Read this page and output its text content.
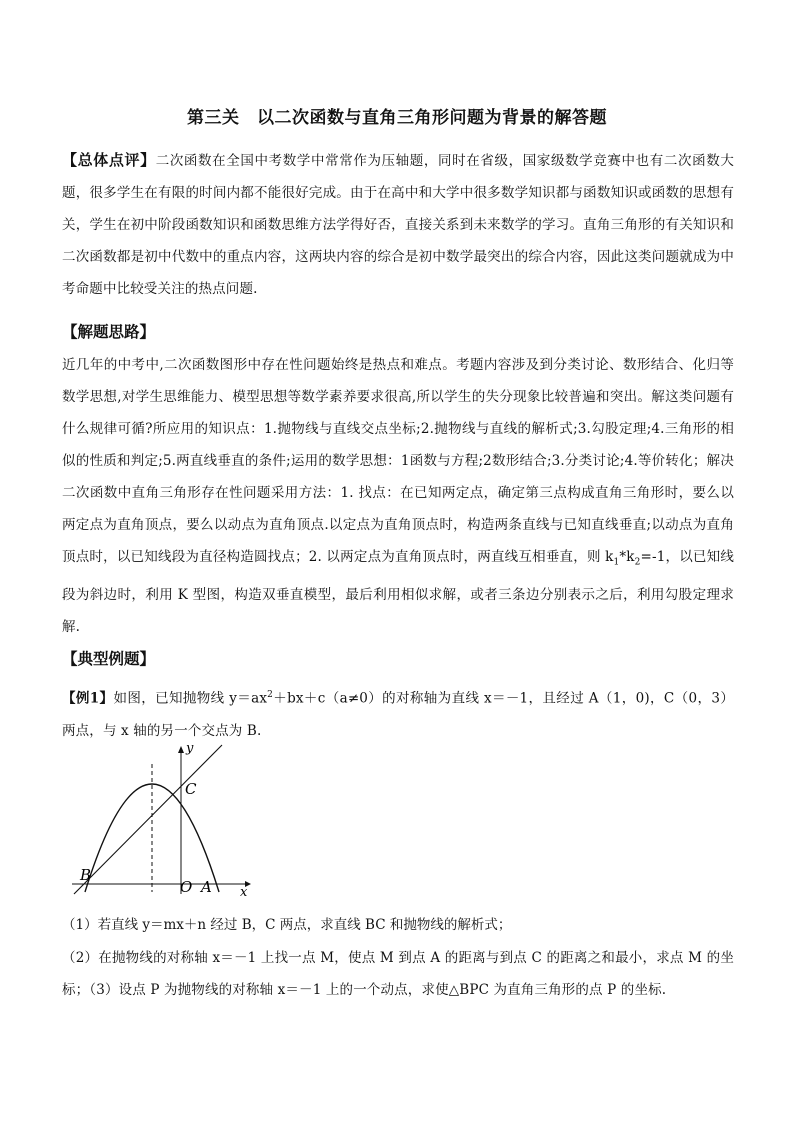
第三关　以二次函数与直角三角形问题为背景的解答题
【总体点评】二次函数在全国中考数学中常常作为压轴题，同时在省级，国家级数学竞赛中也有二次函数大题，很多学生在有限的时间内都不能很好完成。由于在高中和大学中很多数学知识都与函数知识或函数的思想有关，学生在初中阶段函数知识和函数思维方法学得好否，直接关系到未来数学的学习。直角三角形的有关知识和二次函数都是初中代数中的重点内容，这两块内容的综合是初中数学最突出的综合内容，因此这类问题就成为中考命题中比较受关注的热点问题.
【解题思路】
近几年的中考中,二次函数图形中存在性问题始终是热点和难点。考题内容涉及到分类讨论、数形结合、化归等数学思想,对学生思维能力、模型思想等数学素养要求很高,所以学生的失分现象比较普遍和突出。解这类问题有什么规律可循?所应用的知识点：1.抛物线与直线交点坐标;2.抛物线与直线的解析式;3.勾股定理;4.三角形的相似的性质和判定;5.两直线垂直的条件;运用的数学思想：1函数与方程;2数形结合;3.分类讨论;4.等价转化；解决二次函数中直角三角形存在性问题采用方法：1. 找点：在已知两定点，确定第三点构成直角三角形时，要么以两定点为直角顶点，要么以动点为直角顶点.以定点为直角顶点时，构造两条直线与已知直线垂直;以动点为直角顶点时，以已知线段为直径构造圆找点；2. 以两定点为直角顶点时，两直线互相垂直，则 $k_1*k_2=-1$，以已知线段为斜边时，利用 K 型图，构造双垂直模型，最后利用相似求解，或者三条边分别表示之后，利用勾股定理求解.
【典型例题】
【例1】如图，已知抛物线 $y=ax^2+bx+c(a\ne 0)$的对称轴为直线 x＝－1，且经过 A（1，0)，C（0，3）两点，与 x 轴的另一个交点为 B.
y
x
C
B
O A
（1）若直线 y＝mx＋n 经过 B，C 两点，求直线 BC 和抛物线的解析式；
（2）在抛物线的对称轴 x＝－1 上找一点 M，使点 M 到点 A 的距离与到点 C 的距离之和最小，求点 M 的坐标；（3）设点 P 为抛物线的对称轴 x＝－1 上的一个动点，求使△BPC 为直角三角形的点 P 的坐标.
